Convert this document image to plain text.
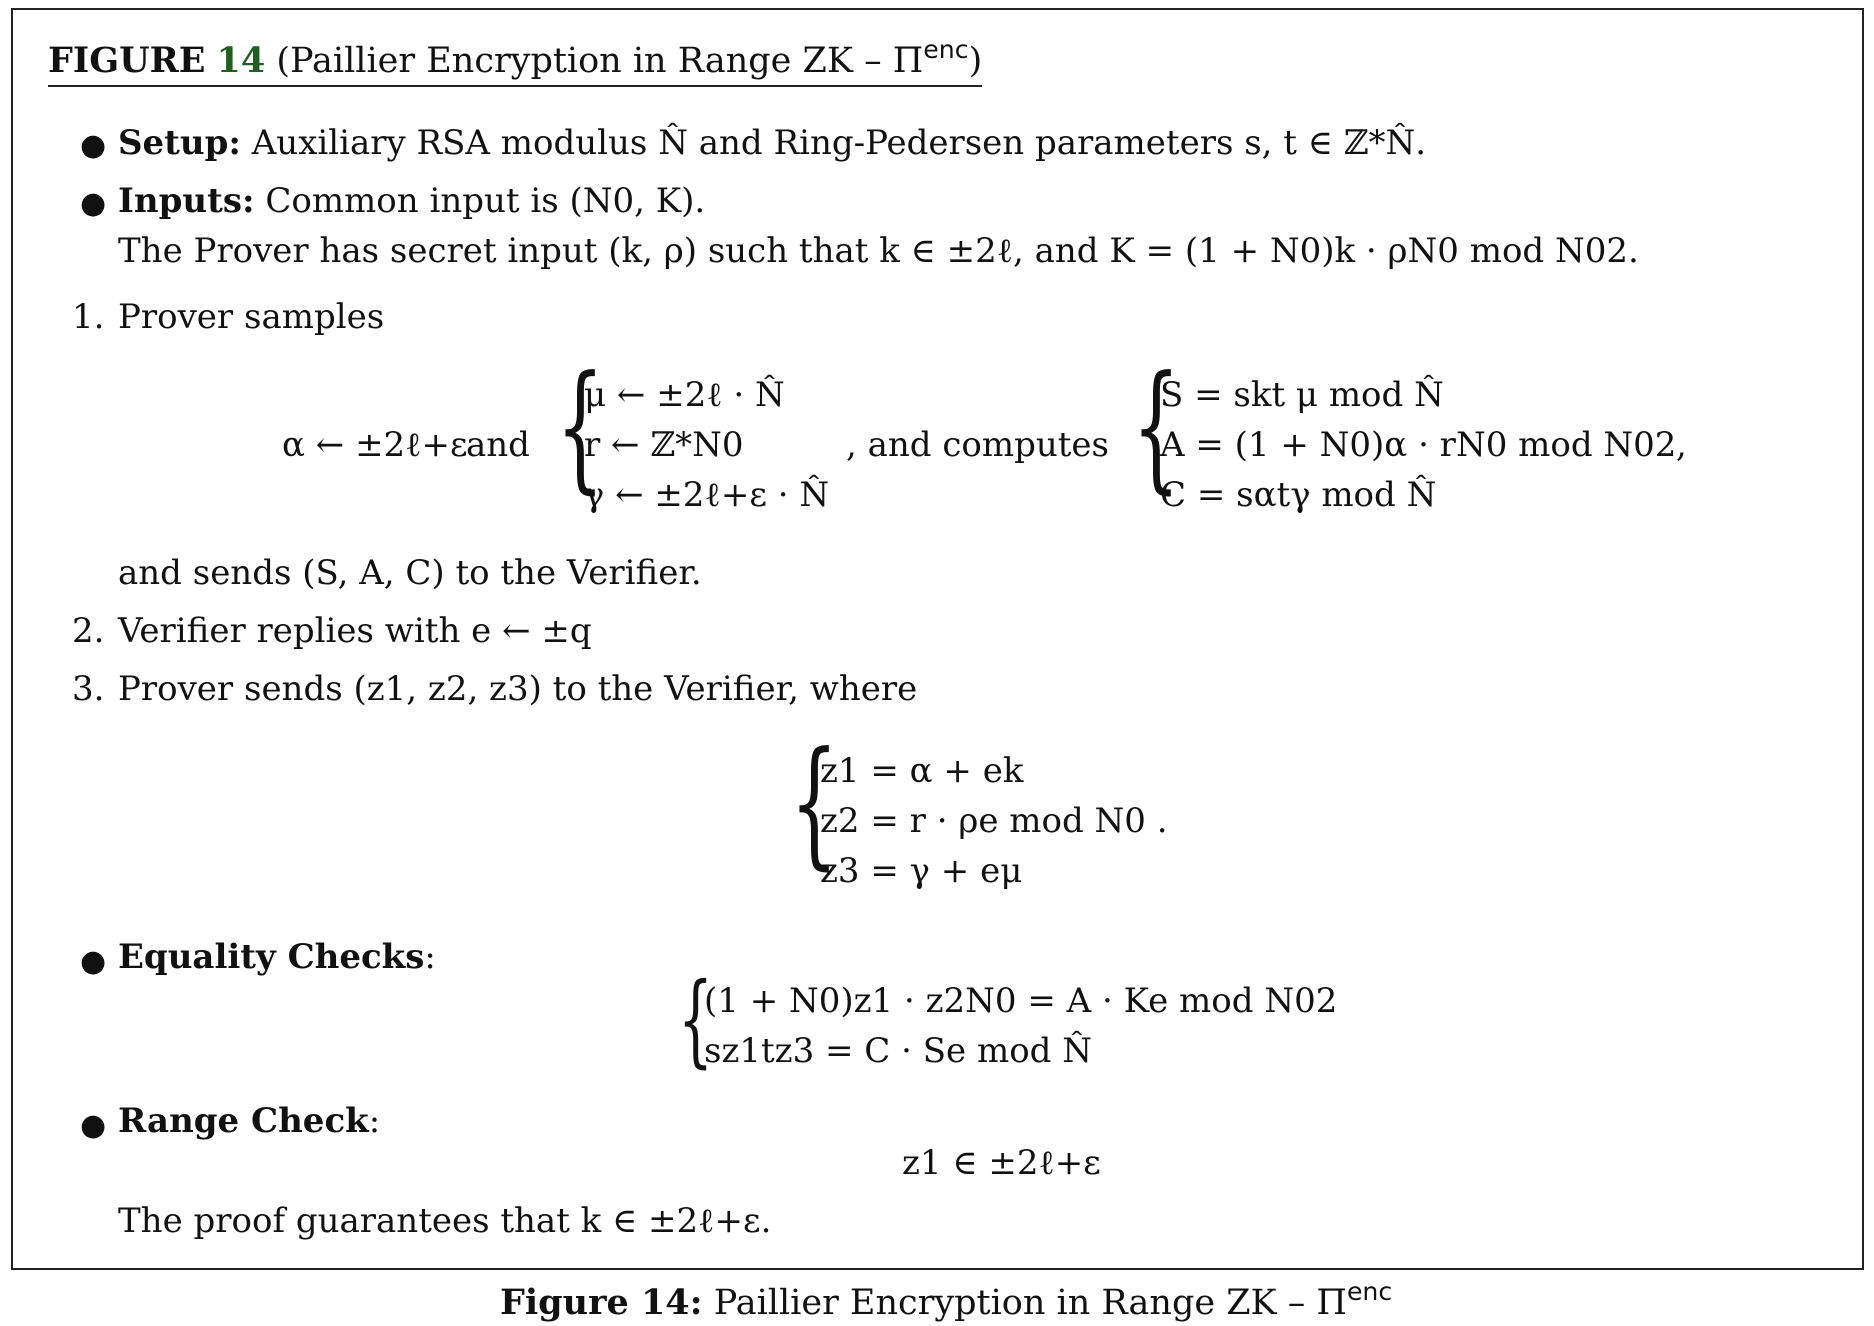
FIGURE 14 (Paillier Encryption in Range ZK – $\Pi^{enc}$)
● Setup: Auxiliary RSA modulus N̂ and Ring-Pedersen parameters s, t ∈ ℤ*N̂.
● Inputs: Common input is (N0, K).
The Prover has secret input (k, ρ) such that k ∈ ±2ℓ, and K = (1 + N0)k · ρN0 mod N02.
1. Prover samples
α ← ±2ℓ+ε
and {
μ ← ±2ℓ · N̂
r ← ℤ*N0
γ ← ±2ℓ+ε · N̂
, and computes {
S = skt μ mod N̂
A = (1 + N0)α · rN0 mod N02
C = sαtγ mod N̂
,
and sends (S, A, C) to the Verifier.
2. Verifier replies with e ← ±q
3. Prover sends (z1, z2, z3) to the Verifier, where
{
z1 = α + ek
z2 = r · ρe mod N0 .
z3 = γ + eμ
● Equality Checks:
{
(1 + N0)z1 · z2N0 = A · Ke mod N02
sz1tz3 = C · Se mod N̂
● Range Check:
z1 ∈ ±2ℓ+ε
The proof guarantees that k ∈ ±2ℓ+ε.
Figure 14: Paillier Encryption in Range ZK – $\Pi^{enc}$
